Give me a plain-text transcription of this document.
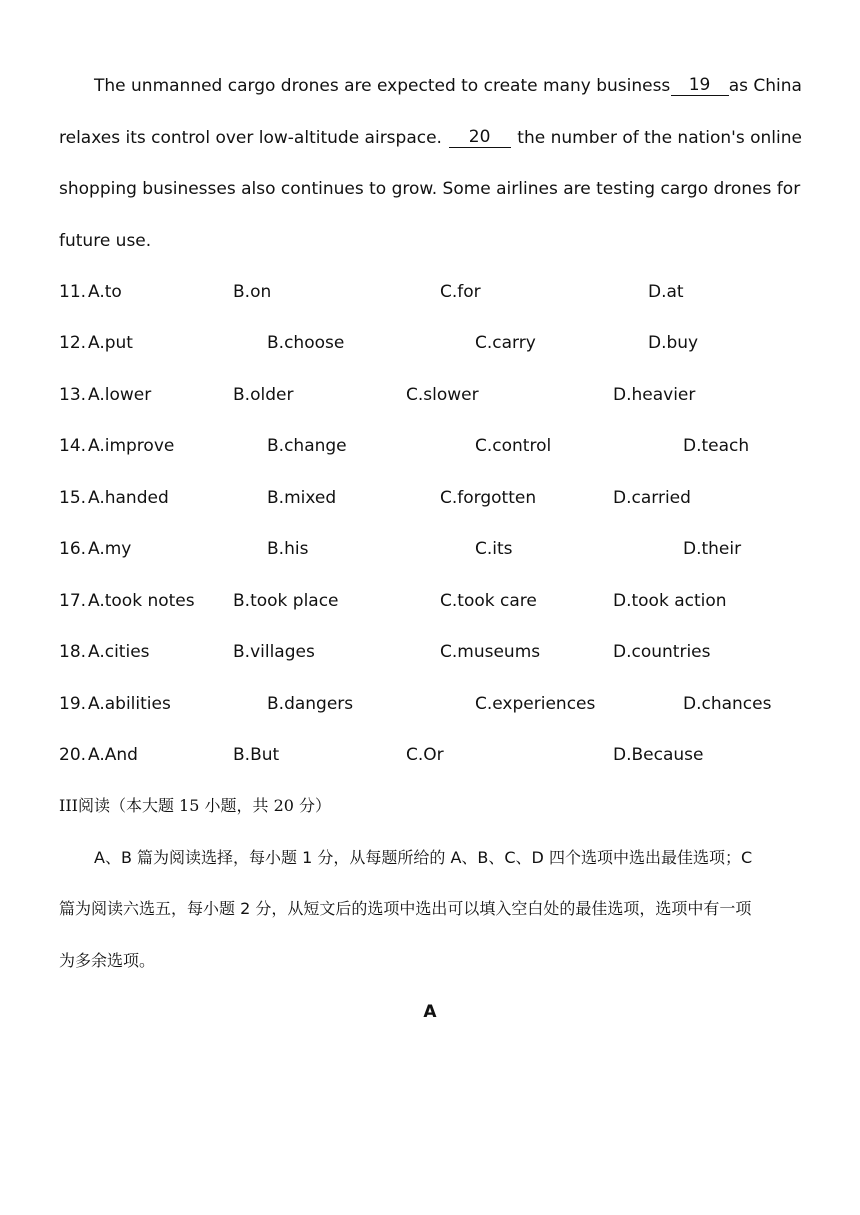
The unmanned cargo drones are expected to create many business	19	as China
relaxes its control over low-altitude airspace.	20	the number of the nation's online
shopping businesses also continues to grow. Some airlines are testing cargo drones for
future use.
11. A.to	B.on	C.for	D.at
12. A.put	B.choose	C.carry	D.buy
13. A.lower	B.older	C.slower	D.heavier
14. A.improve	B.change	C.control	D.teach
15. A.handed	B.mixed	C.forgotten	D.carried
16. A.my	B.his	C.its	D.their
17. A.took notes B.took place	C.took care	D.took action
18. A.cities	B.villages	C.museums	D.countries
19. A.abilities	B.dangers	C.experiences	D.chances
20. A.And	B.But	C.Or	D.Because
III阅读（本大题 15 小题，共 20 分）
A、B 篇为阅读选择，每小题 1 分，从每题所给的 A、B、C、D 四个选项中选出最佳选项；C
篇为阅读六选五，每小题 2 分，从短文后的选项中选出可以填入空白处的最佳选项，选项中有一项
为多余选项。
A
